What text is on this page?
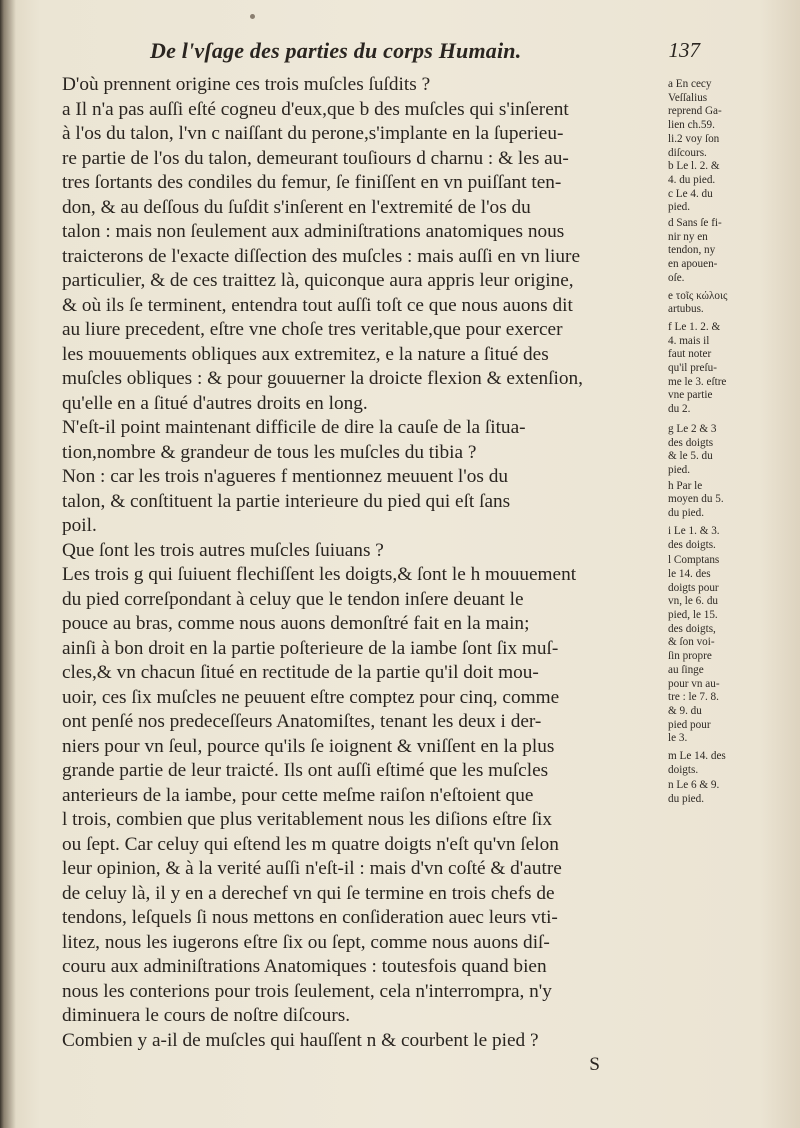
De l'vſage des parties du corps Humain.	137

D'où prennent origine ces trois muſcles ſuſdits ?

a Il n'a pas auſſi eſté cogneu d'eux,que b des muſcles qui s'inſerent

à l'os du talon, l'vn c naiſſant du perone,s'implante en la ſuperieu-

re partie de l'os du talon, demeurant touſiours d charnu : & les au-

tres ſortants des condiles du femur, ſe finiſſent en vn puiſſant ten-

don, & au deſſous du ſuſdit s'inſerent en l'extremité de l'os du

talon : mais non ſeulement aux adminiſtrations anatomiques nous

traicterons de l'exacte diſſection des muſcles : mais auſſi en vn liure

particulier, & de ces traittez là, quiconque aura appris leur origine,

& où ils ſe terminent, entendra tout auſſi toſt ce que nous auons dit

au liure precedent, eſtre vne choſe tres veritable,que pour exercer

les mouuements obliques aux extremitez, e la nature a ſitué des

muſcles obliques : & pour gouuerner la droicte flexion & extenſion,

qu'elle en a ſitué d'autres droits en long.

N'eſt-il point maintenant difficile de dire la cauſe de la ſitua-

tion,nombre & grandeur de tous les muſcles du tibia ?

Non : car les trois n'agueres f mentionnez meuuent l'os du

talon, & conſtituent la partie interieure du pied qui eſt ſans

poil.

Que ſont les trois autres muſcles ſuiuans ?

Les trois g qui ſuiuent flechiſſent les doigts,& ſont le h mouuement

du pied correſpondant à celuy que le tendon inſere deuant le

pouce au bras, comme nous auons demonſtré fait en la main;

ainſi à bon droit en la partie poſterieure de la iambe ſont ſix muſ-

cles,& vn chacun ſitué en rectitude de la partie qu'il doit mou-

uoir, ces ſix muſcles ne peuuent eſtre comptez pour cinq, comme

ont penſé nos predeceſſeurs Anatomiſtes, tenant les deux i der-

niers pour vn ſeul, pource qu'ils ſe ioignent & vniſſent en la plus

grande partie de leur traicté. Ils ont auſſi eſtimé que les muſcles

anterieurs de la iambe, pour cette meſme raiſon n'eſtoient que

l trois, combien que plus veritablement nous les diſions eſtre ſix

ou ſept. Car celuy qui eſtend les m quatre doigts n'eſt qu'vn ſelon

leur opinion, & à la verité auſſi n'eſt-il : mais d'vn coſté & d'autre

de celuy là, il y en a derechef vn qui ſe termine en trois chefs de

tendons, leſquels ſi nous mettons en conſideration auec leurs vti-

litez, nous les iugerons eſtre ſix ou ſept, comme nous auons diſ-

couru aux adminiſtrations Anatomiques : toutesfois quand bien

nous les conterions pour trois ſeulement, cela n'interrompra, n'y

diminuera le cours de noſtre diſcours.

Combien y a-il de muſcles qui hauſſent n & courbent le pied ?

S

a En cecy
Veſſalius
reprend Ga-
lien ch.59.
li.2 voy ſon
diſcours.

b Le l. 2. &
4. du pied.

c Le 4. du
pied.

d Sans ſe fi-
nir ny en
tendon, ny
en apouen-
oſe.

e τοῖς κώλοις
artubus.

f Le 1. 2. &
4. mais il
faut noter
qu'il preſu-
me le 3. eſtre
vne partie
du 2.

g Le 2 & 3
des doigts
& le 5. du
pied.

h Par le
moyen du 5.
du pied.

i Le 1. & 3.
des doigts.

l Comptans
le 14. des
doigts pour
vn, le 6. du
pied, le 15.
des doigts,
& ſon voi-
ſin propre
au ſinge
pour vn au-
tre : le 7. 8.
& 9. du
pied pour
le 3.

m Le 14. des
doigts.

n Le 6 & 9.
du pied.
